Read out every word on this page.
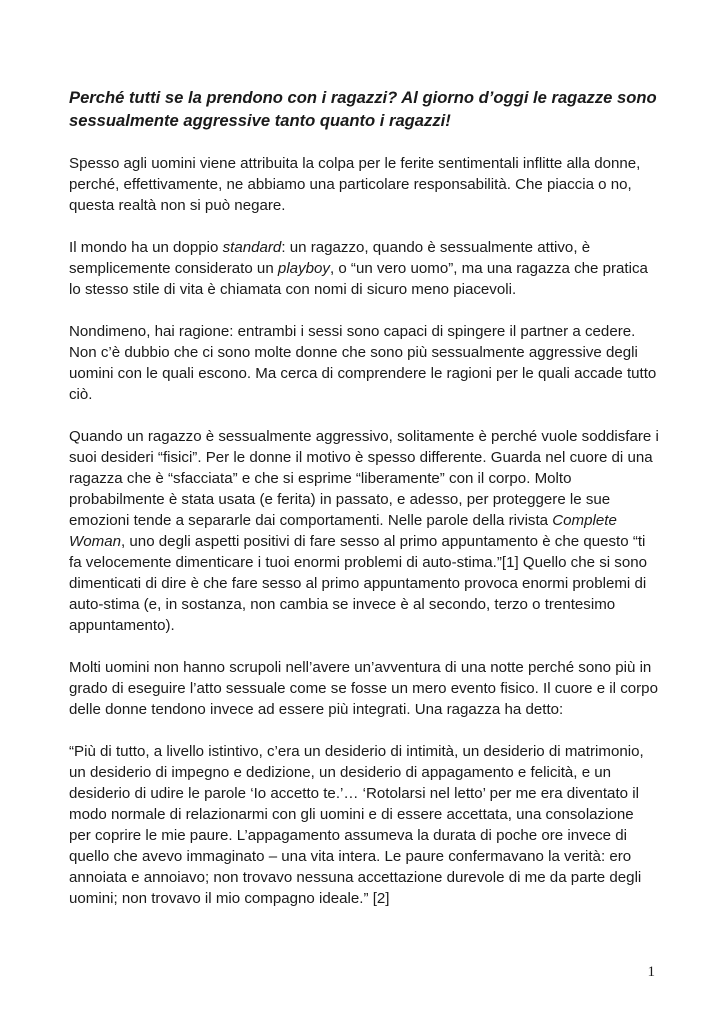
Perché tutti se la prendono con i ragazzi? Al giorno d’oggi le ragazze sono sessualmente aggressive tanto quanto i ragazzi!

Spesso agli uomini viene attribuita la colpa per le ferite sentimentali inflitte alla donne, perché, effettivamente, ne abbiamo una particolare responsabilità. Che piaccia o no, questa realtà non si può negare.

Il mondo ha un doppio standard: un ragazzo, quando è sessualmente attivo, è semplicemente considerato un playboy, o “un vero uomo”, ma una ragazza che pratica lo stesso stile di vita è chiamata con nomi di sicuro meno piacevoli.

Nondimeno, hai ragione: entrambi i sessi sono capaci di spingere il partner a cedere. Non c’è dubbio che ci sono molte donne che sono più sessualmente aggressive degli uomini con le quali escono. Ma cerca di comprendere le ragioni per le quali accade tutto ciò.

Quando un ragazzo è sessualmente aggressivo, solitamente è perché vuole soddisfare i suoi desideri “fisici”. Per le donne il motivo è spesso differente. Guarda nel cuore di una ragazza che è “sfacciata” e che si esprime “liberamente” con il corpo. Molto probabilmente è stata usata (e ferita) in passato, e adesso, per proteggere le sue emozioni tende a separarle dai comportamenti. Nelle parole della rivista Complete Woman, uno degli aspetti positivi di fare sesso al primo appuntamento è che questo “ti fa velocemente dimenticare i tuoi enormi problemi di auto-stima.”[1] Quello che si sono dimenticati di dire è che fare sesso al primo appuntamento provoca enormi problemi di auto-stima (e, in sostanza, non cambia se invece è al secondo, terzo o trentesimo appuntamento).

Molti uomini non hanno scrupoli nell’avere un’avventura di una notte perché sono più in grado di eseguire l’atto sessuale come se fosse un mero evento fisico. Il cuore e il corpo delle donne tendono invece ad essere più integrati. Una ragazza ha detto:

“Più di tutto, a livello istintivo, c’era un desiderio di intimità, un desiderio di matrimonio, un desiderio di impegno e dedizione, un desiderio di appagamento e felicità, e un desiderio di udire le parole ‘Io accetto te.’… ‘Rotolarsi nel letto’ per me era diventato il modo normale di relazionarmi con gli uomini e di essere accettata, una consolazione per coprire le mie paure. L’appagamento assumeva la durata di poche ore invece di quello che avevo immaginato – una vita intera. Le paure confermavano la verità: ero annoiata e annoiavo; non trovavo nessuna accettazione durevole di me da parte degli uomini; non trovavo il mio compagno ideale.” [2]

1
